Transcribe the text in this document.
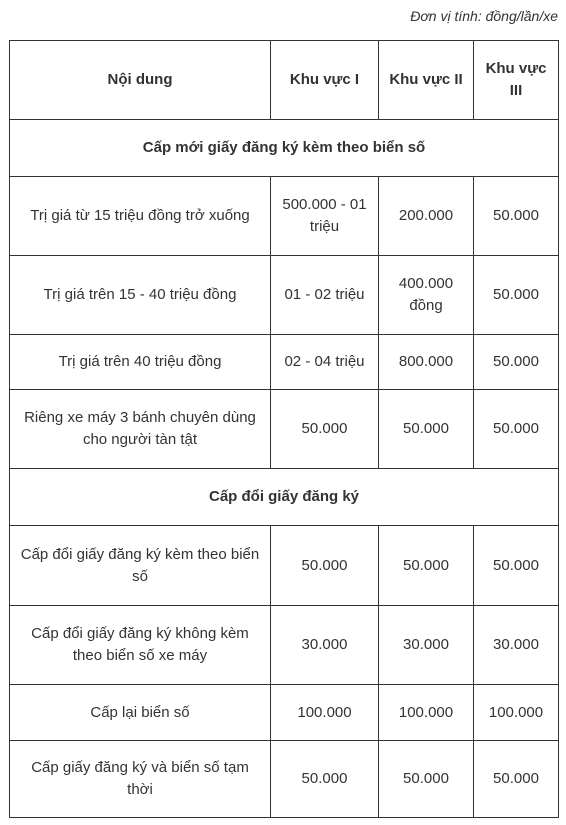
Đơn vị tính: đồng/lần/xe
Nội dung	Khu vực I	Khu vực II	Khu vực III
Cấp mới giấy đăng ký kèm theo biển số			
Trị giá từ 15 triệu đồng trở xuống	500.000 - 01 triệu	200.000	50.000
Trị giá trên 15 - 40 triệu đồng	01 - 02 triệu	400.000 đồng	50.000
Trị giá trên 40 triệu đồng	02 - 04 triệu	800.000	50.000
Riêng xe máy 3 bánh chuyên dùng cho người tàn tật	50.000	50.000	50.000
Cấp đổi giấy đăng ký			
Cấp đổi giấy đăng ký kèm theo biển số	50.000	50.000	50.000
Cấp đổi giấy đăng ký không kèm theo biển số xe máy	30.000	30.000	30.000
Cấp lại biển số	100.000	100.000	100.000
Cấp giấy đăng ký và biển số tạm thời	50.000	50.000	50.000
